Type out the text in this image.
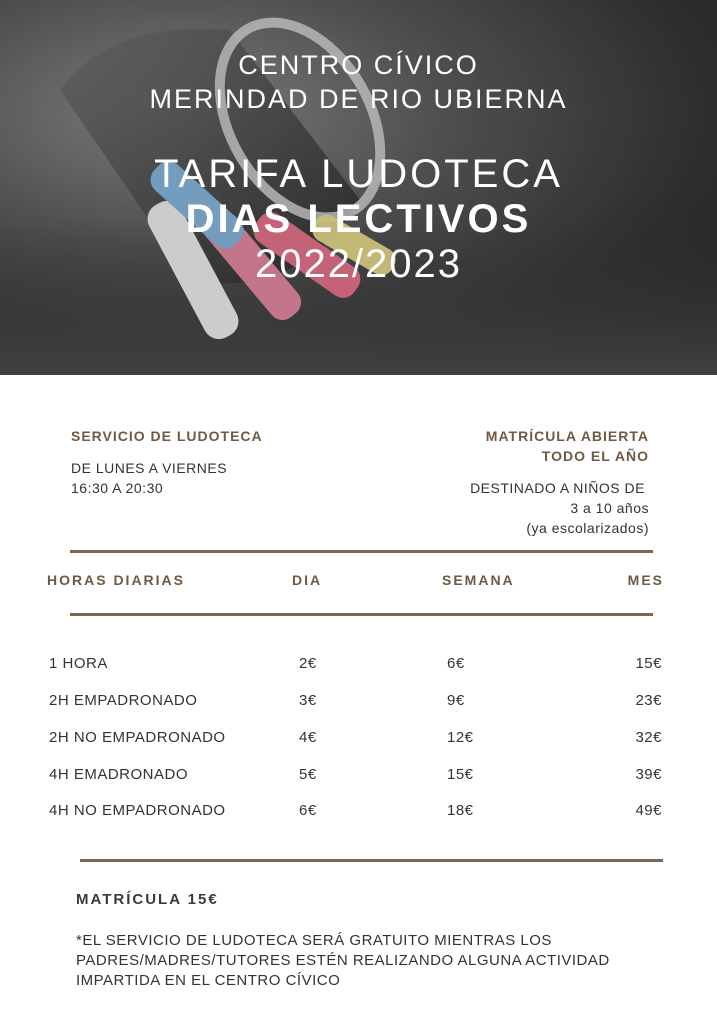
CENTRO CÍVICO
MERINDAD DE RIO UBIERNA
TARIFA LUDOTECA
DIAS LECTIVOS
2022/2023
SERVICIO DE LUDOTECA
DE LUNES A VIERNES
16:30 A 20:30
MATRÍCULA ABIERTA
TODO EL AÑO
DESTINADO A NIÑOS DE
3 a 10 años
(ya escolarizados)
HORAS DIARIAS	DIA	SEMANA	MES
1 HORA	2€	6€	15€
2H EMPADRONADO	3€	9€	23€
2H NO EMPADRONADO	4€	12€	32€
4H EMADRONADO	5€	15€	39€
4H NO EMPADRONADO	6€	18€	49€
MATRÍCULA 15€
*EL SERVICIO DE LUDOTECA SERÁ GRATUITO MIENTRAS LOS PADRES/MADRES/TUTORES ESTÉN REALIZANDO ALGUNA ACTIVIDAD IMPARTIDA EN EL CENTRO CÍVICO
